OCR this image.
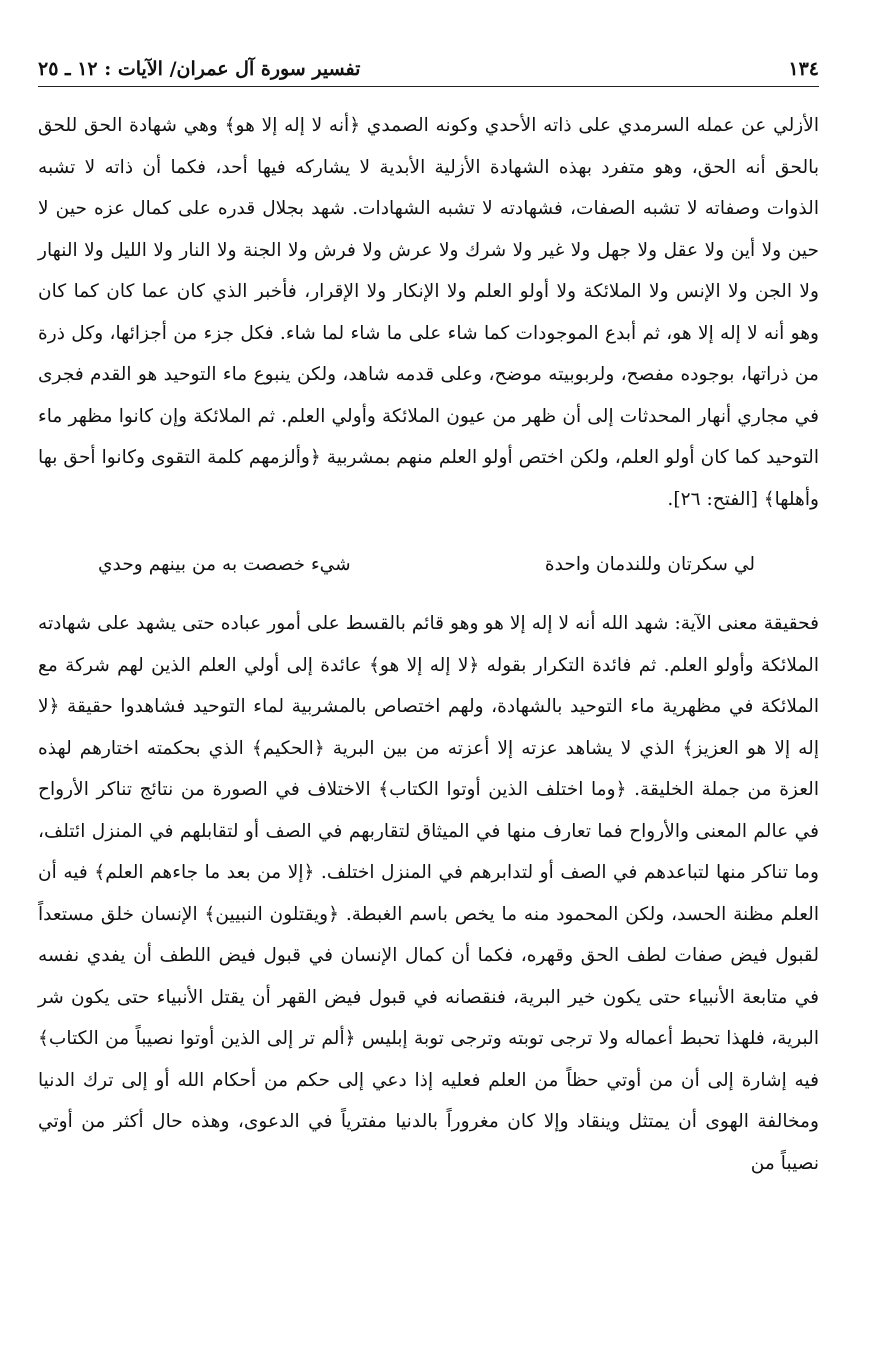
١٣٤
تفسير سورة آل عمران/ الآيات : ١٢ ـ ٢٥

الأزلي عن عمله السرمدي على ذاته الأحدي وكونه الصمدي ﴿أنه لا إله إلا هو﴾ وهي شهادة الحق للحق بالحق أنه الحق، وهو متفرد بهذه الشهادة الأزلية الأبدية لا يشاركه فيها أحد، فكما أن ذاته لا تشبه الذوات وصفاته لا تشبه الصفات، فشهادته لا تشبه الشهادات. شهد بجلال قدره على كمال عزه حين لا حين ولا أين ولا عقل ولا جهل ولا غير ولا شرك ولا عرش ولا فرش ولا الجنة ولا النار ولا الليل ولا النهار ولا الجن ولا الإنس ولا الملائكة ولا أولو العلم ولا الإنكار ولا الإقرار، فأخبر الذي كان عما كان كما كان وهو أنه لا إله إلا هو، ثم أبدع الموجودات كما شاء على ما شاء لما شاء. فكل جزء من أجزائها، وكل ذرة من ذراتها، بوجوده مفصح، ولربوبيته موضح، وعلى قدمه شاهد، ولكن ينبوع ماء التوحيد هو القدم فجرى في مجاري أنهار المحدثات إلى أن ظهر من عيون الملائكة وأولي العلم. ثم الملائكة وإن كانوا مظهر ماء التوحيد كما كان أولو العلم، ولكن اختص أولو العلم منهم بمشربية ﴿وألزمهم كلمة التقوى وكانوا أحق بها وأهلها﴾ [الفتح: ٢٦].

لي سكرتان وللندمان واحدة
شيء خصصت به من بينهم وحدي

فحقيقة معنى الآية: شهد الله أنه لا إله إلا هو وهو قائم بالقسط على أمور عباده حتى يشهد على شهادته الملائكة وأولو العلم. ثم فائدة التكرار بقوله ﴿لا إله إلا هو﴾ عائدة إلى أولي العلم الذين لهم شركة مع الملائكة في مظهرية ماء التوحيد بالشهادة، ولهم اختصاص بالمشربية لماء التوحيد فشاهدوا حقيقة ﴿لا إله إلا هو العزيز﴾ الذي لا يشاهد عزته إلا أعزته من بين البرية ﴿الحكيم﴾ الذي بحكمته اختارهم لهذه العزة من جملة الخليقة. ﴿وما اختلف الذين أوتوا الكتاب﴾ الاختلاف في الصورة من نتائج تناكر الأرواح في عالم المعنى والأرواح فما تعارف منها في الميثاق لتقاربهم في الصف أو لتقابلهم في المنزل ائتلف، وما تناكر منها لتباعدهم في الصف أو لتدابرهم في المنزل اختلف. ﴿إلا من بعد ما جاءهم العلم﴾ فيه أن العلم مظنة الحسد، ولكن المحمود منه ما يخص باسم الغبطة. ﴿ويقتلون النبيين﴾ الإنسان خلق مستعداً لقبول فيض صفات لطف الحق وقهره، فكما أن كمال الإنسان في قبول فيض اللطف أن يفدي نفسه في متابعة الأنبياء حتى يكون خير البرية، فنقصانه في قبول فيض القهر أن يقتل الأنبياء حتى يكون شر البرية، فلهذا تحبط أعماله ولا ترجى توبته وترجى توبة إبليس ﴿ألم تر إلى الذين أوتوا نصيباً من الكتاب﴾ فيه إشارة إلى أن من أوتي حظاً من العلم فعليه إذا دعي إلى حكم من أحكام الله أو إلى ترك الدنيا ومخالفة الهوى أن يمتثل وينقاد وإلا كان مغروراً بالدنيا مفترياً في الدعوى، وهذه حال أكثر من أوتي نصيباً من
